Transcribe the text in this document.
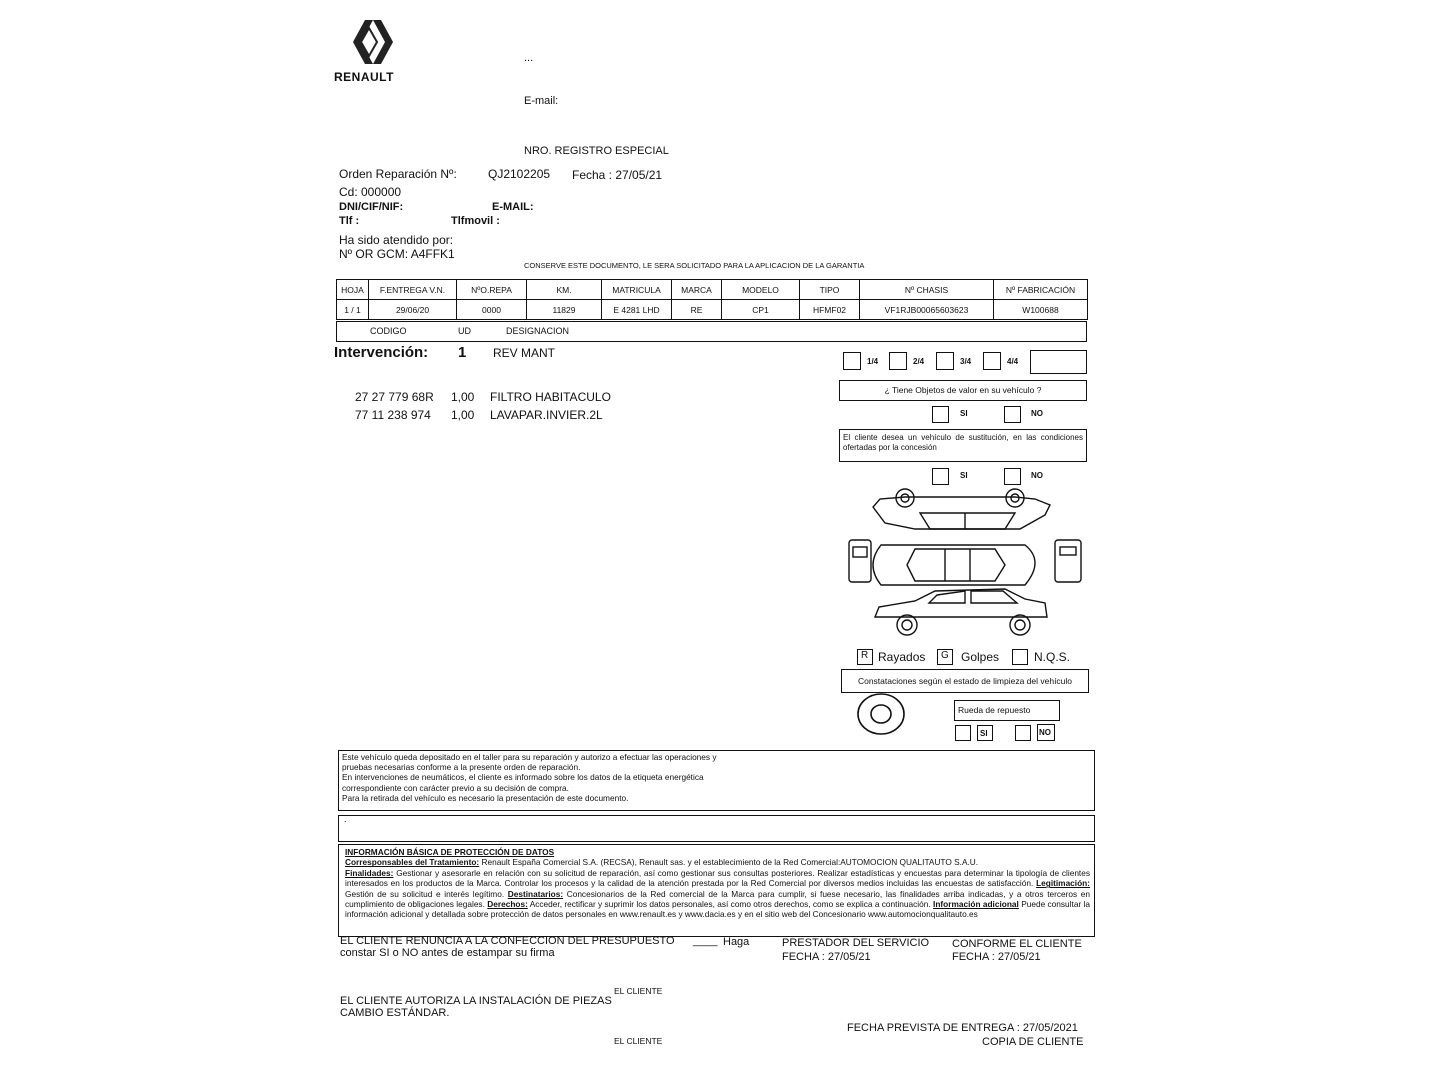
RENAULT
...
E-mail:
NRO. REGISTRO ESPECIAL
Orden Reparación Nº:	QJ2102205 Fecha : 27/05/21
Cd: 000000
DNI/CIF/NIF:	E-MAIL:
Tlf :	Tlfmovil :
Ha sido atendido por:
Nº OR GCM: A4FFK1
CONSERVE ESTE DOCUMENTO, LE SERA SOLICITADO PARA LA APLICACION DE LA GARANTIA
HOJA	F.ENTREGA V.N.	NºO.REPA	KM.	MATRICULA	MARCA	MODELO	TIPO	Nº CHASIS	Nº FABRICACIÓN
1 / 1	29/06/20	0000	11829	E 4281 LHD	RE	CP1	HFMF02	VF1RJB00065603623	W100688
CODIGO	UD	DESIGNACION
Intervención: 1 REV MANT
27 27 779 68R 1,00 FILTRO HABITACULO
77 11 238 974 1,00 LAVAPAR.INVIER.2L
1/4	2/4	3/4	4/4
¿ Tiene Objetos de valor en su vehículo ?
SI	NO
El cliente desea un vehículo de sustitución, en las condiciones ofertadas por la concesión
SI	NO
R Rayados G Golpes	N.Q.S.
Constataciones según el estado de limpieza del vehículo
Rueda de repuesto
SI	NO
Este vehículo queda depositado en el taller para su reparación y autorizo a efectuar las operaciones y
pruebas necesarias conforme a la presente orden de reparación.
En intervenciones de neumáticos, el cliente es informado sobre los datos de la etiqueta energética
correspondiente con carácter previo a su decisión de compra.
Para la retirada del vehículo es necesario la presentación de este documento.
.
INFORMACIÓN BÁSICA DE PROTECCIÓN DE DATOS
Corresponsables del Tratamiento: Renault España Comercial S.A. (RECSA), Renault sas. y el establecimiento de la Red Comercial:AUTOMOCION QUALITAUTO S.A.U.
Finalidades: Gestionar y asesorarle en relación con su solicitud de reparación, así como gestionar sus consultas posteriores. Realizar estadísticas y encuestas para determinar la tipología de clientes interesados en los productos de la Marca. Controlar los procesos y la calidad de la atención prestada por la Red Comercial por diversos medios incluidas las encuestas de satisfacción. Legitimación: Gestión de su solicitud e interés legítimo. Destinatarios: Concesionarios de la Red comercial de la Marca para cumplir, si fuese necesario, las finalidades arriba indicadas, y a otros terceros en cumplimiento de obligaciones legales. Derechos: Acceder, rectificar y suprimir los datos personales, así como otros derechos, como se explica a continuación. Información adicional Puede consultar la información adicional y detallada sobre protección de datos personales en www.renault.es y www.dacia.es y en el sitio web del Concesionario www.automocionqualitauto.es
EL CLIENTE RENUNCIA A LA CONFECCION DEL PRESUPUESTO ____ Haga
constar SI o NO antes de estampar su firma
PRESTADOR DEL SERVICIO
FECHA : 27/05/21
CONFORME EL CLIENTE
FECHA : 27/05/21
EL CLIENTE
EL CLIENTE AUTORIZA LA INSTALACIÓN DE PIEZAS
CAMBIO ESTÁNDAR.
FECHA PREVISTA DE ENTREGA : 27/05/2021
COPIA DE CLIENTE
EL CLIENTE
